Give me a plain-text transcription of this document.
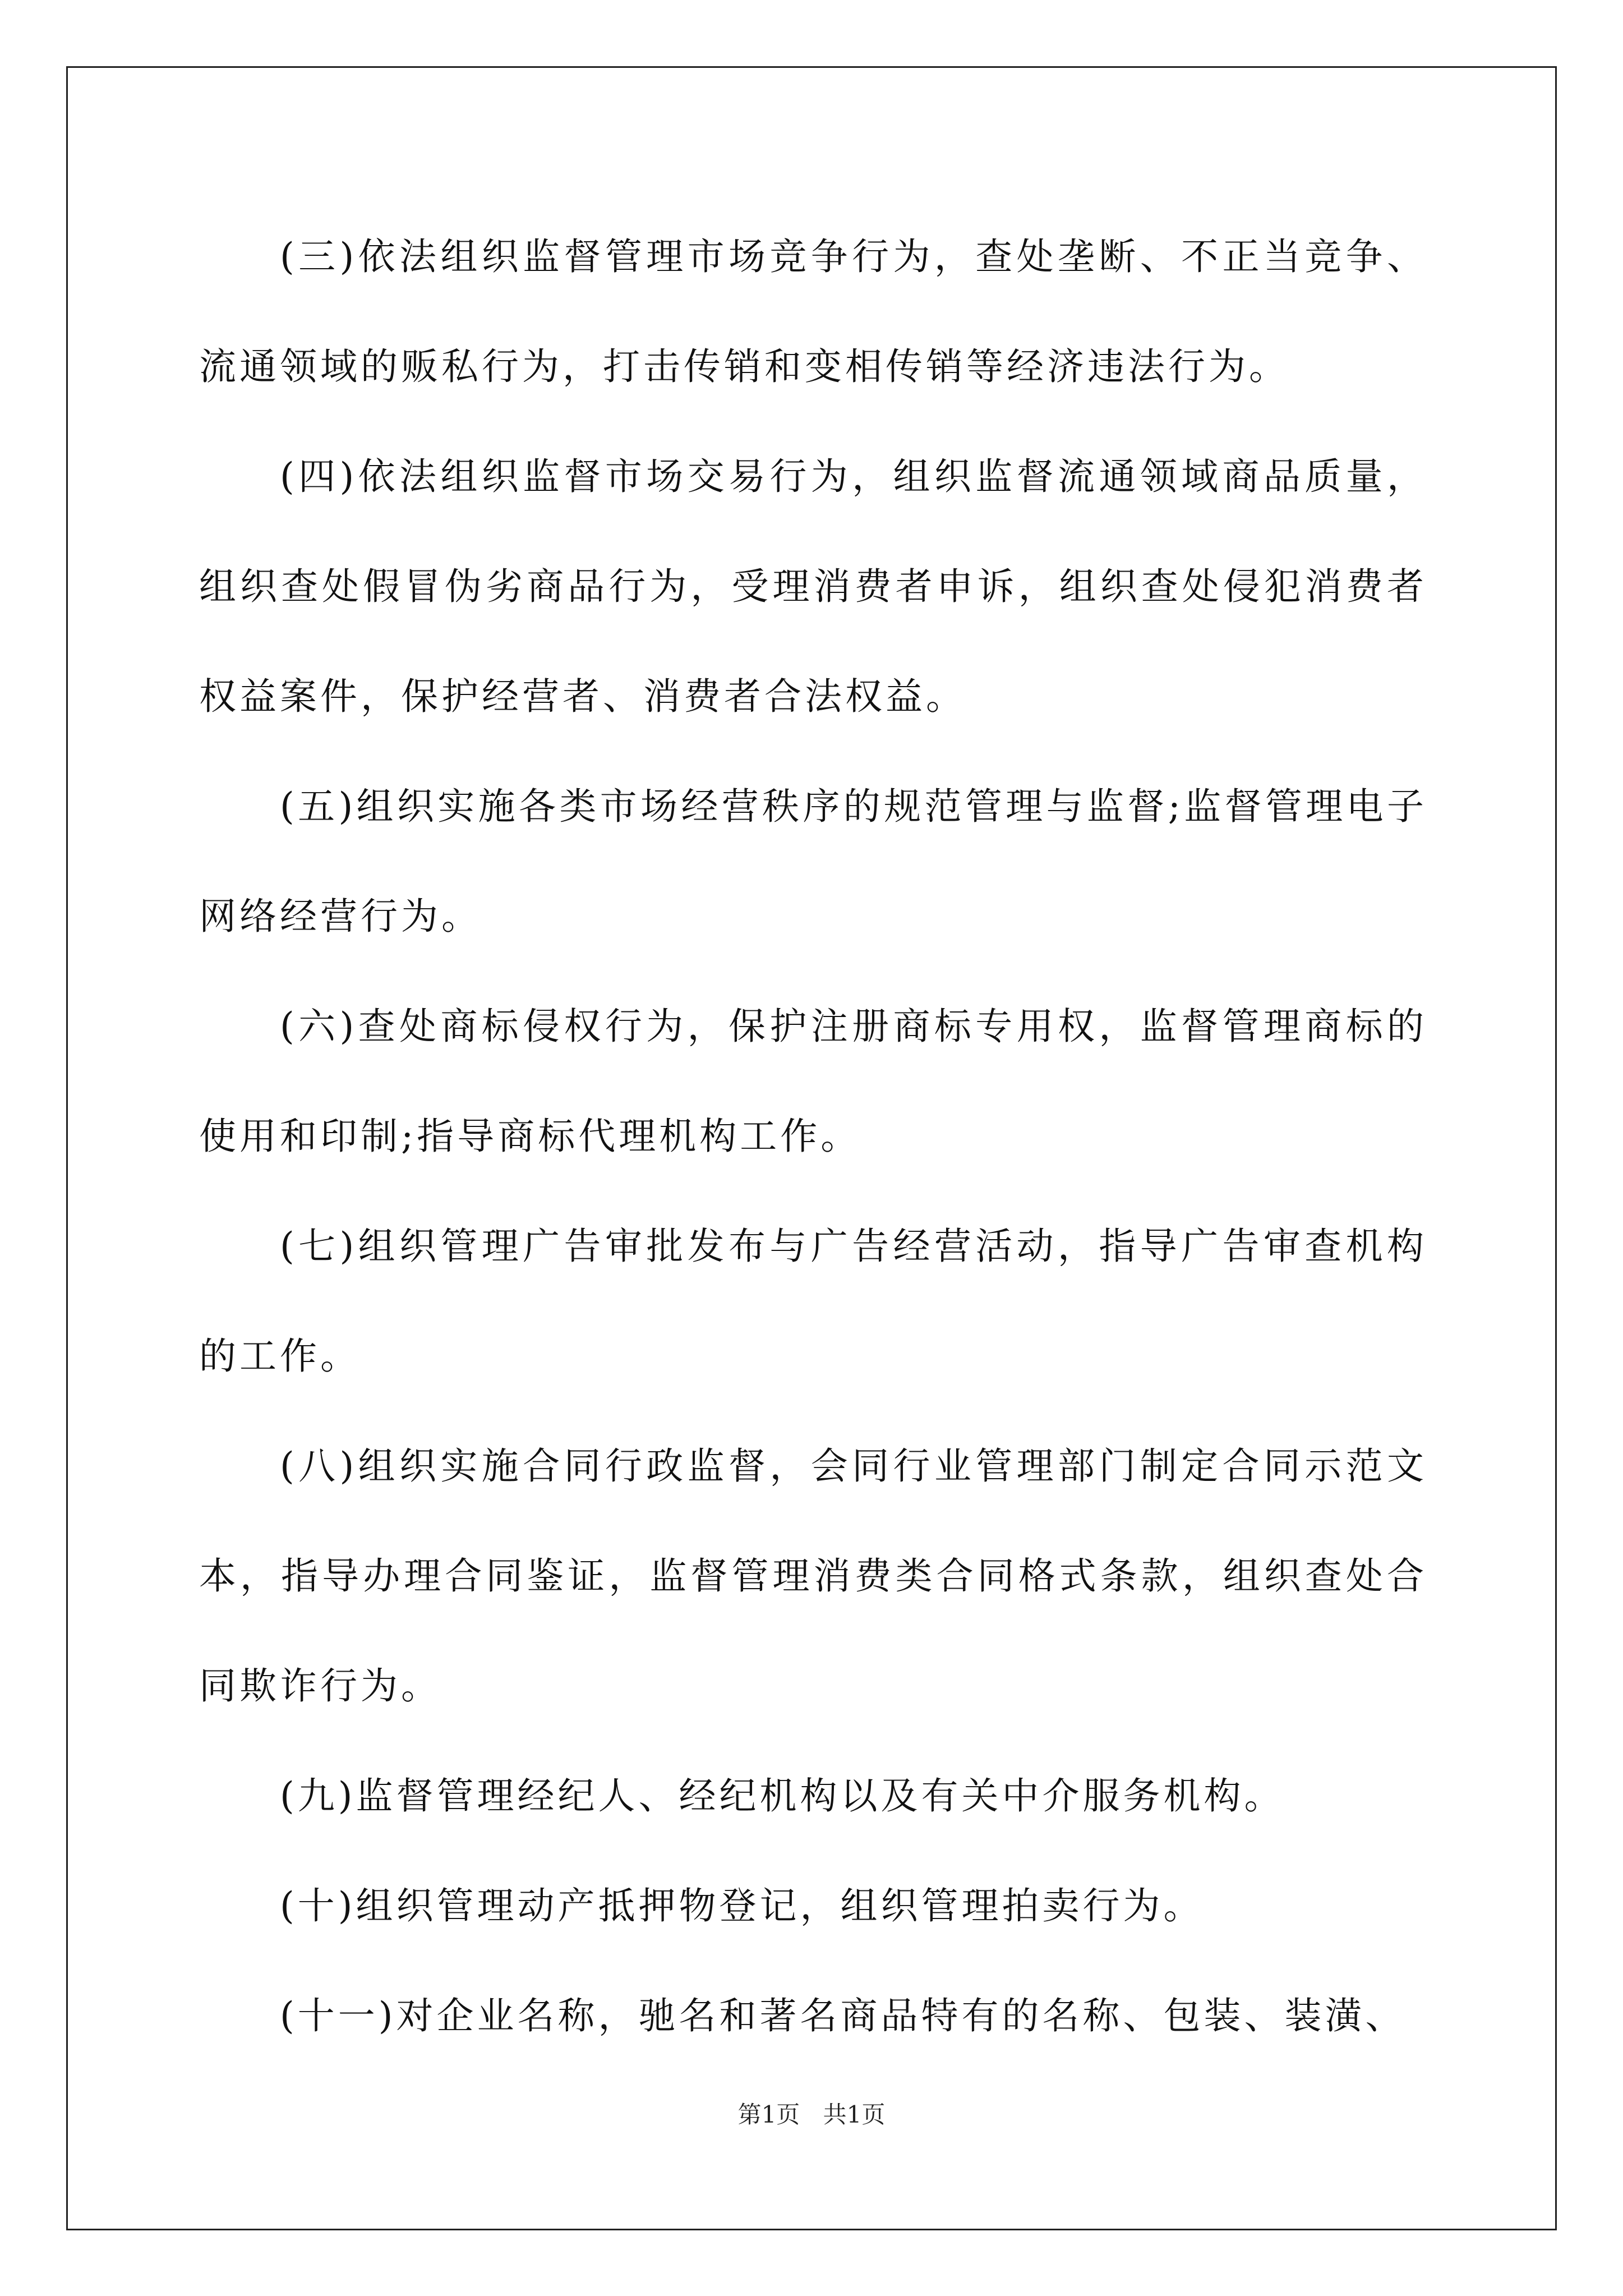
(三)依法组织监督管理市场竞争行为，查处垄断、不正当竞争、流通领域的贩私行为，打击传销和变相传销等经济违法行为。

(四)依法组织监督市场交易行为，组织监督流通领域商品质量，组织查处假冒伪劣商品行为，受理消费者申诉，组织查处侵犯消费者权益案件，保护经营者、消费者合法权益。

(五)组织实施各类市场经营秩序的规范管理与监督;监督管理电子网络经营行为。

(六)查处商标侵权行为，保护注册商标专用权，监督管理商标的使用和印制;指导商标代理机构工作。

(七)组织管理广告审批发布与广告经营活动，指导广告审查机构的工作。

(八)组织实施合同行政监督，会同行业管理部门制定合同示范文本，指导办理合同鉴证，监督管理消费类合同格式条款，组织查处合同欺诈行为。

(九)监督管理经纪人、经纪机构以及有关中介服务机构。

(十)组织管理动产抵押物登记，组织管理拍卖行为。

(十一)对企业名称，驰名和著名商品特有的名称、包装、装潢、

第1页 共1页
